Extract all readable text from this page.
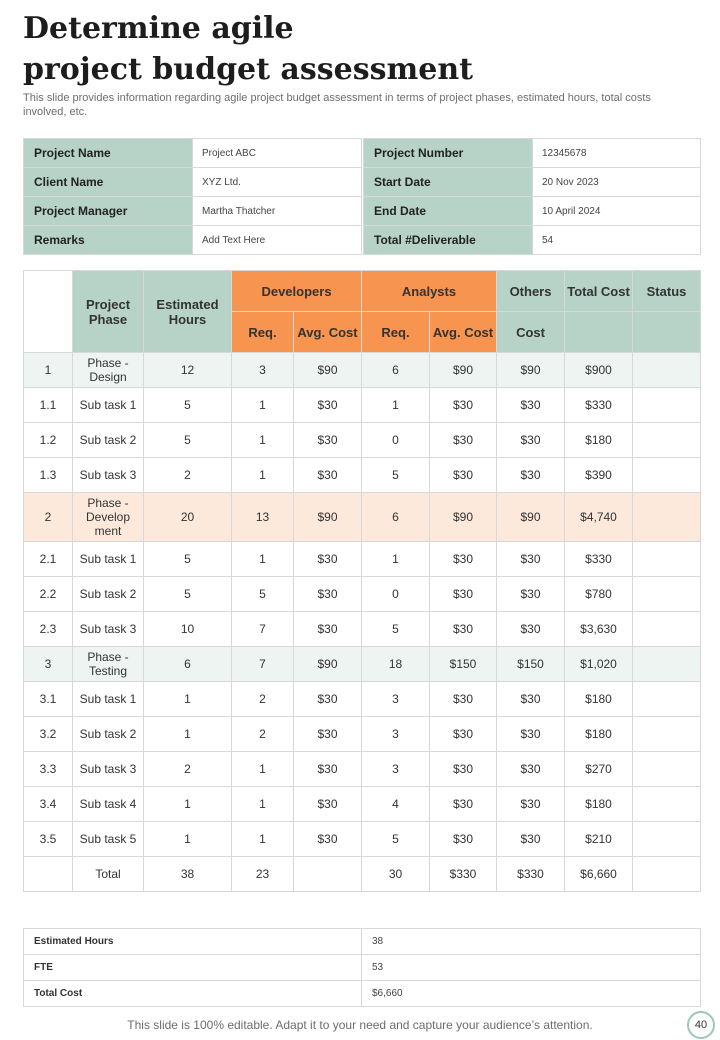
Determine agile
project budget assessment

This slide provides information regarding agile project budget assessment in terms of project phases, estimated hours, total costs involved, etc.

Project Name	Project ABC		Project Number	12345678
Client Name	XYZ Ltd.		Start Date	20 Nov 2023
Project Manager	Martha Thatcher		End Date	10 April 2024
Remarks	Add Text Here		Total #Deliverable	54
	Project Phase	Estimated Hours	Developers		Analysts		Others	Total Cost	Status
			Req.	Avg. Cost	Req.	Avg. Cost	Cost		
1	Phase - Design	12	3	$90	6	$90	$90	$900	
1.1	Sub task 1	5	1	$30	1	$30	$30	$330	
1.2	Sub task 2	5	1	$30	0	$30	$30	$180	
1.3	Sub task 3	2	1	$30	5	$30	$30	$390	
2	Phase - Develop ment	20	13	$90	6	$90	$90	$4,740	
2.1	Sub task 1	5	1	$30	1	$30	$30	$330	
2.2	Sub task 2	5	5	$30	0	$30	$30	$780	
2.3	Sub task 3	10	7	$30	5	$30	$30	$3,630	
3	Phase - Testing	6	7	$90	18	$150	$150	$1,020	
3.1	Sub task 1	1	2	$30	3	$30	$30	$180	
3.2	Sub task 2	1	2	$30	3	$30	$30	$180	
3.3	Sub task 3	2	1	$30	3	$30	$30	$270	
3.4	Sub task 4	1	1	$30	4	$30	$30	$180	
3.5	Sub task 5	1	1	$30	5	$30	$30	$210	
	Total	38	23		30	$330	$330	$6,660	
Estimated Hours	38
FTE	53
Total Cost	$6,660
This slide is 100% editable. Adapt it to your need and capture your audience’s attention.	40
